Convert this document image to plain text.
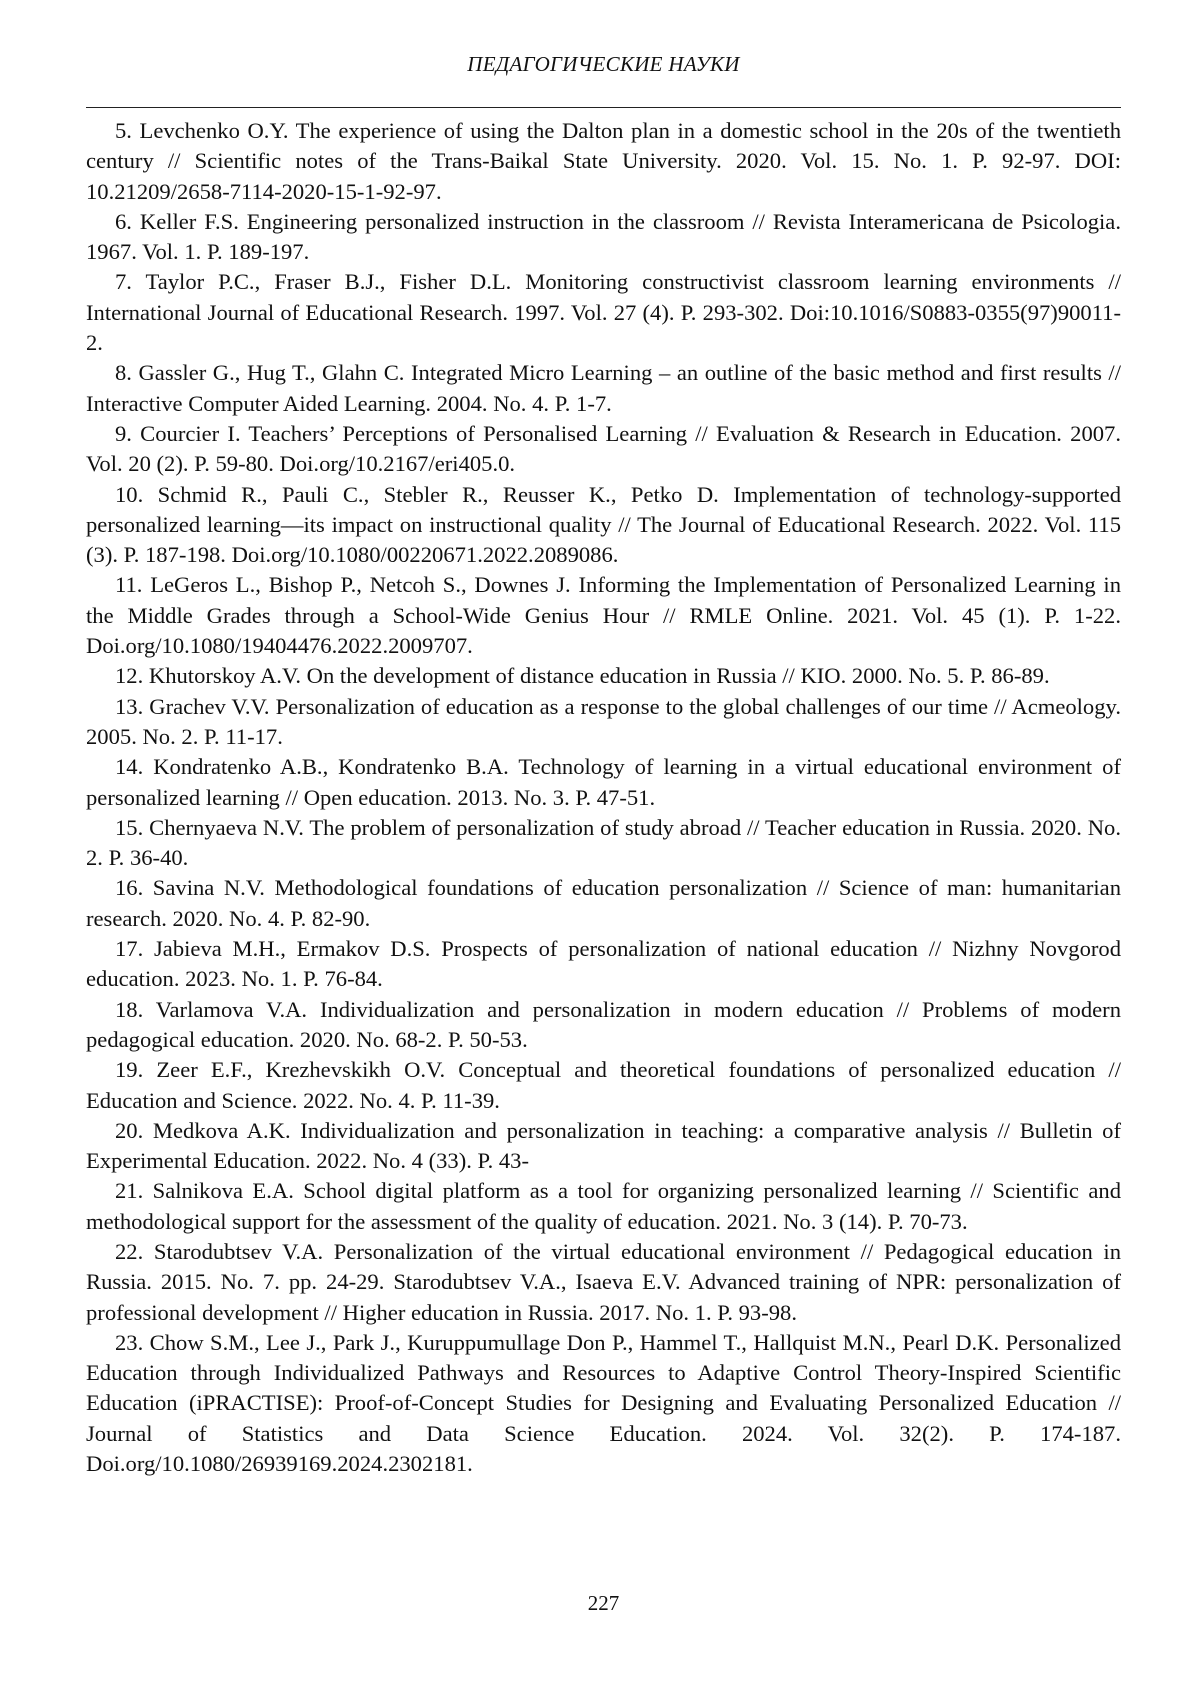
ПЕДАГОГИЧЕСКИЕ НАУКИ
5. Levchenko O.Y. The experience of using the Dalton plan in a domestic school in the 20s of the twentieth century // Scientific notes of the Trans-Baikal State University. 2020. Vol. 15. No. 1. P. 92-97. DOI: 10.21209/2658-7114-2020-15-1-92-97.
6. Keller F.S. Engineering personalized instruction in the classroom // Revista Interamericana de Psicologia. 1967. Vol. 1. P. 189-197.
7. Taylor P.C., Fraser B.J., Fisher D.L. Monitoring constructivist classroom learning environments // International Journal of Educational Research. 1997. Vol. 27 (4). P. 293-302. Doi:10.1016/S0883-0355(97)90011-2.
8. Gassler G., Hug T., Glahn C. Integrated Micro Learning – an outline of the basic method and first results // Interactive Computer Aided Learning. 2004. No. 4. P. 1-7.
9. Courcier I. Teachers’ Perceptions of Personalised Learning // Evaluation & Research in Education. 2007. Vol. 20 (2). P. 59-80. Doi.org/10.2167/eri405.0.
10. Schmid R., Pauli C., Stebler R., Reusser K., Petko D. Implementation of technology-supported personalized learning—its impact on instructional quality // The Journal of Educational Research. 2022. Vol. 115 (3). P. 187-198. Doi.org/10.1080/00220671.2022.2089086.
11. LeGeros L., Bishop P., Netcoh S., Downes J. Informing the Implementation of Personalized Learning in the Middle Grades through a School-Wide Genius Hour // RMLE Online. 2021. Vol. 45 (1). P. 1-22. Doi.org/10.1080/19404476.2022.2009707.
12. Khutorskoy A.V. On the development of distance education in Russia // KIO. 2000. No. 5. P. 86-89.
13. Grachev V.V. Personalization of education as a response to the global challenges of our time // Acmeology. 2005. No. 2. P. 11-17.
14. Kondratenko A.B., Kondratenko B.A. Technology of learning in a virtual educational environment of personalized learning // Open education. 2013. No. 3. P. 47-51.
15. Chernyaeva N.V. The problem of personalization of study abroad // Teacher education in Russia. 2020. No. 2. P. 36-40.
16. Savina N.V. Methodological foundations of education personalization // Science of man: humanitarian research. 2020. No. 4. P. 82-90.
17. Jabieva M.H., Ermakov D.S. Prospects of personalization of national education // Nizhny Novgorod education. 2023. No. 1. P. 76-84.
18. Varlamova V.A. Individualization and personalization in modern education // Problems of modern pedagogical education. 2020. No. 68-2. P. 50-53.
19. Zeer E.F., Krezhevskikh O.V. Conceptual and theoretical foundations of personalized education // Education and Science. 2022. No. 4. P. 11-39.
20. Medkova A.K. Individualization and personalization in teaching: a comparative analysis // Bulletin of Experimental Education. 2022. No. 4 (33). P. 43-
21. Salnikova E.A. School digital platform as a tool for organizing personalized learning // Scientific and methodological support for the assessment of the quality of education. 2021. No. 3 (14). P. 70-73.
22. Starodubtsev V.A. Personalization of the virtual educational environment // Pedagogical education in Russia. 2015. No. 7. pp. 24-29. Starodubtsev V.A., Isaeva E.V. Advanced training of NPR: personalization of professional development // Higher education in Russia. 2017. No. 1. P. 93-98.
23. Chow S.M., Lee J., Park J., Kuruppumullage Don P., Hammel T., Hallquist M.N., Pearl D.K. Personalized Education through Individualized Pathways and Resources to Adaptive Control Theory-Inspired Scientific Education (iPRACTISE): Proof-of-Concept Studies for Designing and Evaluating Personalized Education // Journal of Statistics and Data Science Education. 2024. Vol. 32(2). P. 174-187. Doi.org/10.1080/26939169.2024.2302181.
227
